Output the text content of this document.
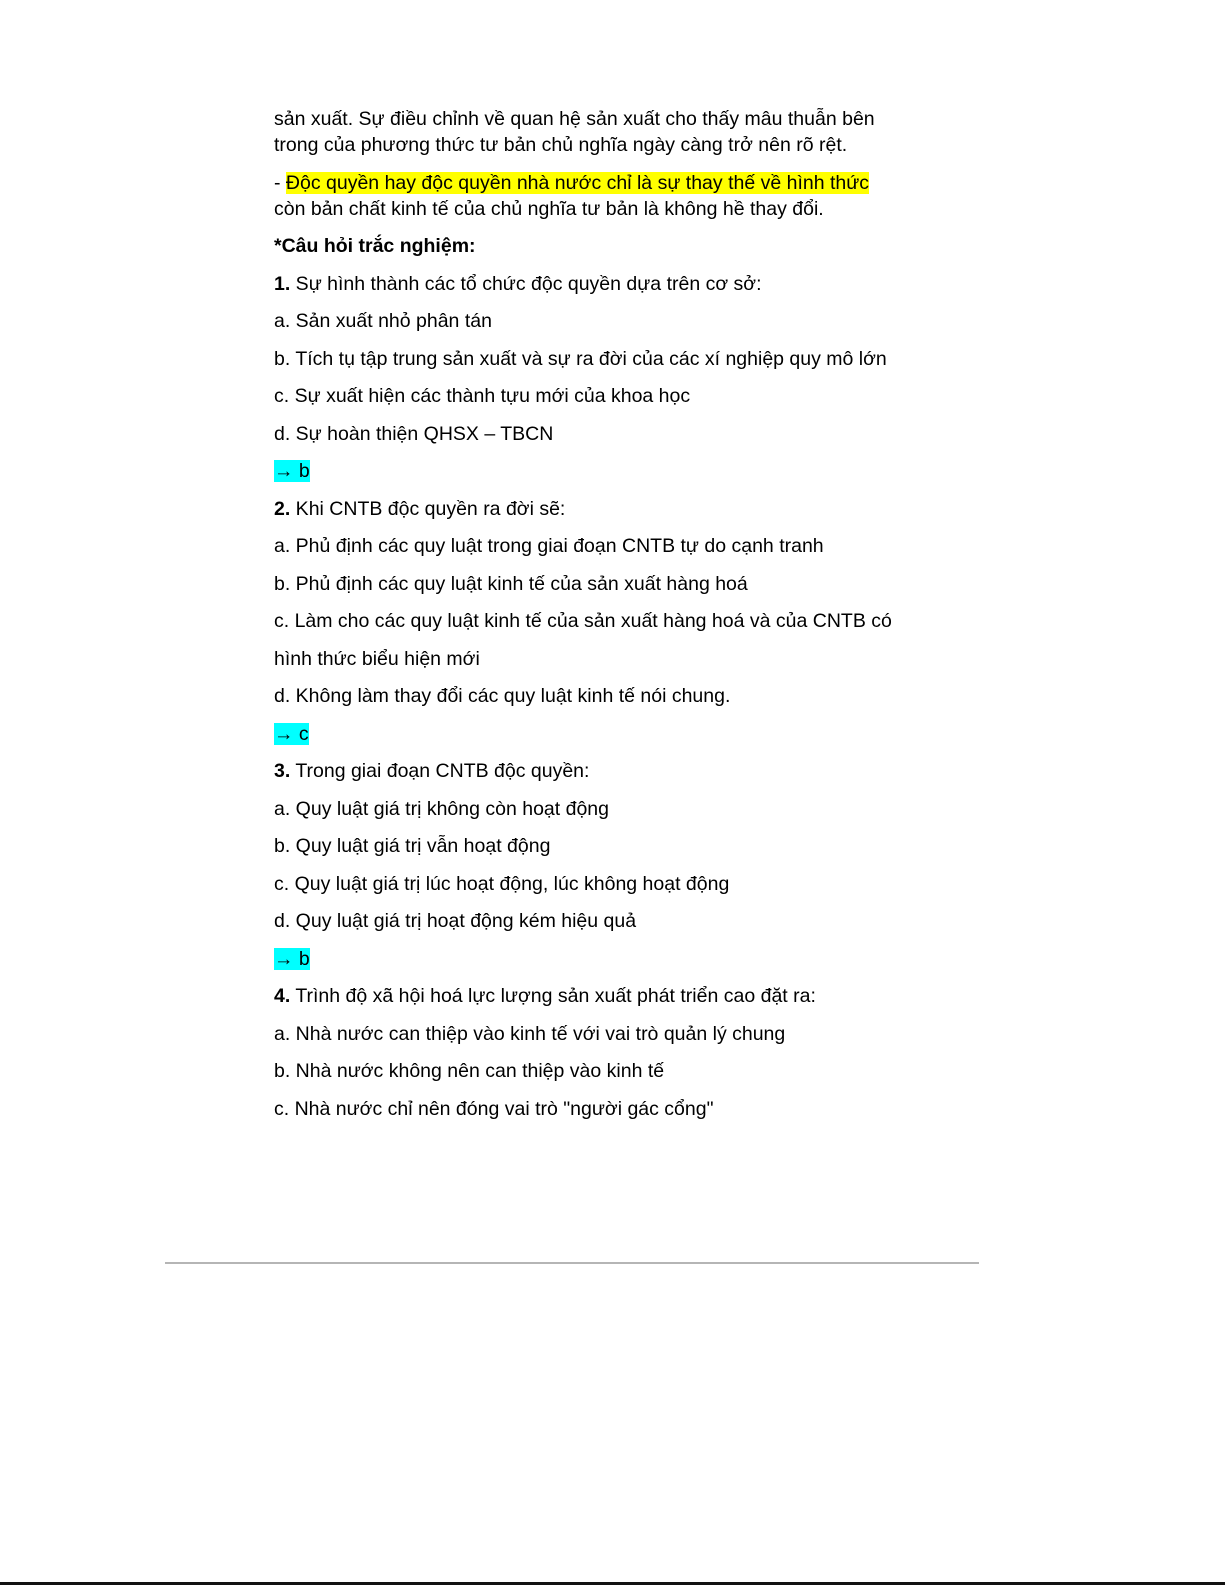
sản xuất. Sự điều chỉnh về quan hệ sản xuất cho thấy mâu thuẫn bên
trong của phương thức tư bản chủ nghĩa ngày càng trở nên rõ rệt.
- Độc quyền hay độc quyền nhà nước chỉ là sự thay thế về hình thức
còn bản chất kinh tế của chủ nghĩa tư bản là không hề thay đổi.
*Câu hỏi trắc nghiệm:
1. Sự hình thành các tổ chức độc quyền dựa trên cơ sở:
a. Sản xuất nhỏ phân tán
b. Tích tụ tập trung sản xuất và sự ra đời của các xí nghiệp quy mô lớn
c. Sự xuất hiện các thành tựu mới của khoa học
d. Sự hoàn thiện QHSX – TBCN
→ b
2. Khi CNTB độc quyền ra đời sẽ:
a. Phủ định các quy luật trong giai đoạn CNTB tự do cạnh tranh
b. Phủ định các quy luật kinh tế của sản xuất hàng hoá
c. Làm cho các quy luật kinh tế của sản xuất hàng hoá và của CNTB có
hình thức biểu hiện mới
d. Không làm thay đổi các quy luật kinh tế nói chung.
→ c
3. Trong giai đoạn CNTB độc quyền:
a. Quy luật giá trị không còn hoạt động
b. Quy luật giá trị vẫn hoạt động
c. Quy luật giá trị lúc hoạt động, lúc không hoạt động
d. Quy luật giá trị hoạt động kém hiệu quả
→ b
4. Trình độ xã hội hoá lực lượng sản xuất phát triển cao đặt ra:
a. Nhà nước can thiệp vào kinh tế với vai trò quản lý chung
b. Nhà nước không nên can thiệp vào kinh tế
c. Nhà nước chỉ nên đóng vai trò "người gác cổng"
